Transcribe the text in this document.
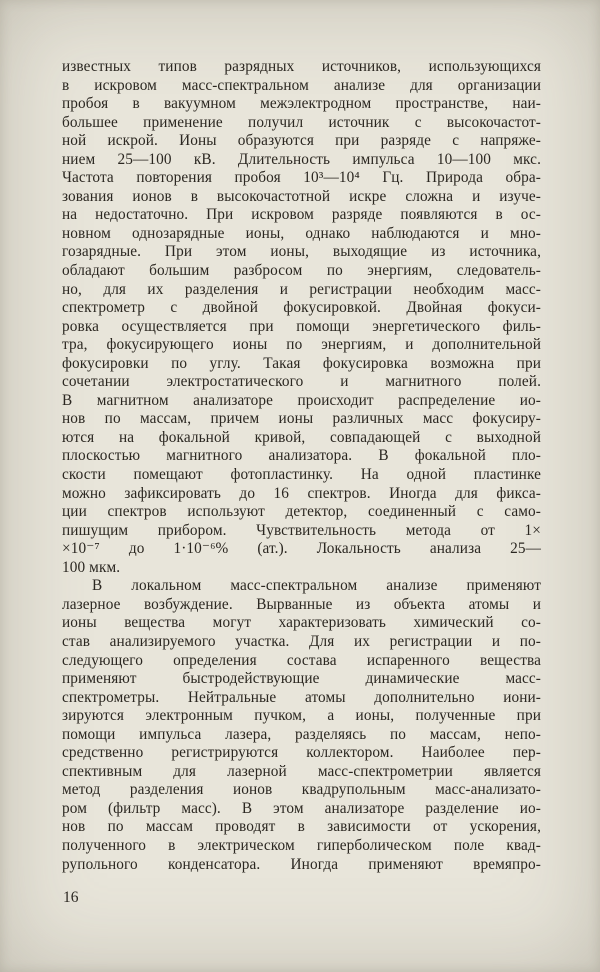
известных типов разрядных источников, использующихся
в искровом масс-спектральном анализе для организации
пробоя в вакуумном межэлектродном пространстве, наи-
большее применение получил источник с высокочастот-
ной искрой. Ионы образуются при разряде с напряже-
нием 25—100 кВ. Длительность импульса 10—100 мкс.
Частота повторения пробоя 10³—10⁴ Гц. Природа обра-
зования ионов в высокочастотной искре сложна и изуче-
на недостаточно. При искровом разряде появляются в ос-
новном однозарядные ионы, однако наблюдаются и мно-
гозарядные. При этом ионы, выходящие из источника,
обладают большим разбросом по энергиям, следователь-
но, для их разделения и регистрации необходим масс-
спектрометр с двойной фокусировкой. Двойная фокуси-
ровка осуществляется при помощи энергетического филь-
тра, фокусирующего ионы по энергиям, и дополнительной
фокусировки по углу. Такая фокусировка возможна при
сочетании электростатического и магнитного полей.
В магнитном анализаторе происходит распределение ио-
нов по массам, причем ионы различных масс фокусиру-
ются на фокальной кривой, совпадающей с выходной
плоскостью магнитного анализатора. В фокальной пло-
скости помещают фотопластинку. На одной пластинке
можно зафиксировать до 16 спектров. Иногда для фикса-
ции спектров используют детектор, соединенный с само-
пишущим прибором. Чувствительность метода от 1×
×10⁻⁷ до 1·10⁻⁶% (ат.). Локальность анализа 25—
100 мкм.
В локальном масс-спектральном анализе применяют
лазерное возбуждение. Вырванные из объекта атомы и
ионы вещества могут характеризовать химический со-
став анализируемого участка. Для их регистрации и по-
следующего определения состава испаренного вещества
применяют быстродействующие динамические масс-
спектрометры. Нейтральные атомы дополнительно иони-
зируются электронным пучком, а ионы, полученные при
помощи импульса лазера, разделяясь по массам, непо-
средственно регистрируются коллектором. Наиболее пер-
спективным для лазерной масс-спектрометрии является
метод разделения ионов квадрупольным масс-анализато-
ром (фильтр масс). В этом анализаторе разделение ио-
нов по массам проводят в зависимости от ускорения,
полученного в электрическом гиперболическом поле квад-
рупольного конденсатора. Иногда применяют времяпро-
16
